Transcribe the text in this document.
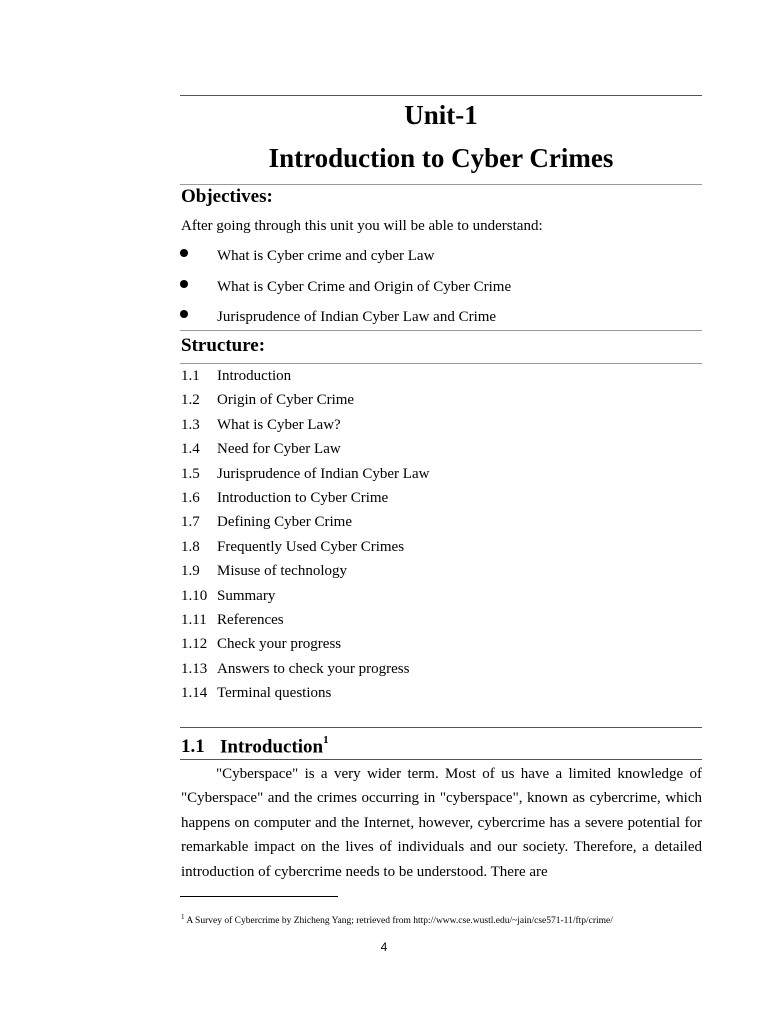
Unit-1
Introduction to Cyber Crimes
Objectives:
After going through this unit you will be able to understand:
What is Cyber crime and cyber Law
What is Cyber Crime and Origin of Cyber Crime
Jurisprudence of Indian Cyber Law and Crime
Structure:
1.1 Introduction
1.2 Origin of Cyber Crime
1.3 What is Cyber Law?
1.4 Need for Cyber Law
1.5 Jurisprudence of Indian Cyber Law
1.6 Introduction to Cyber Crime
1.7 Defining Cyber Crime
1.8 Frequently Used Cyber Crimes
1.9 Misuse of technology
1.10 Summary
1.11 References
1.12 Check your progress
1.13 Answers to check your progress
1.14 Terminal questions
1.1 Introduction$^1$
"Cyberspace" is a very wider term. Most of us have a limited knowledge of "Cyberspace" and the crimes occurring in "cyberspace", known as cybercrime, which happens on computer and the Internet, however, cybercrime has a severe potential for remarkable impact on the lives of individuals and our society. Therefore, a detailed introduction of cybercrime needs to be understood. There are
$^1$ A Survey of Cybercrime by Zhicheng Yang; retrieved from http://www.cse.wustl.edu/~jain/cse571-11/ftp/crime/
4
